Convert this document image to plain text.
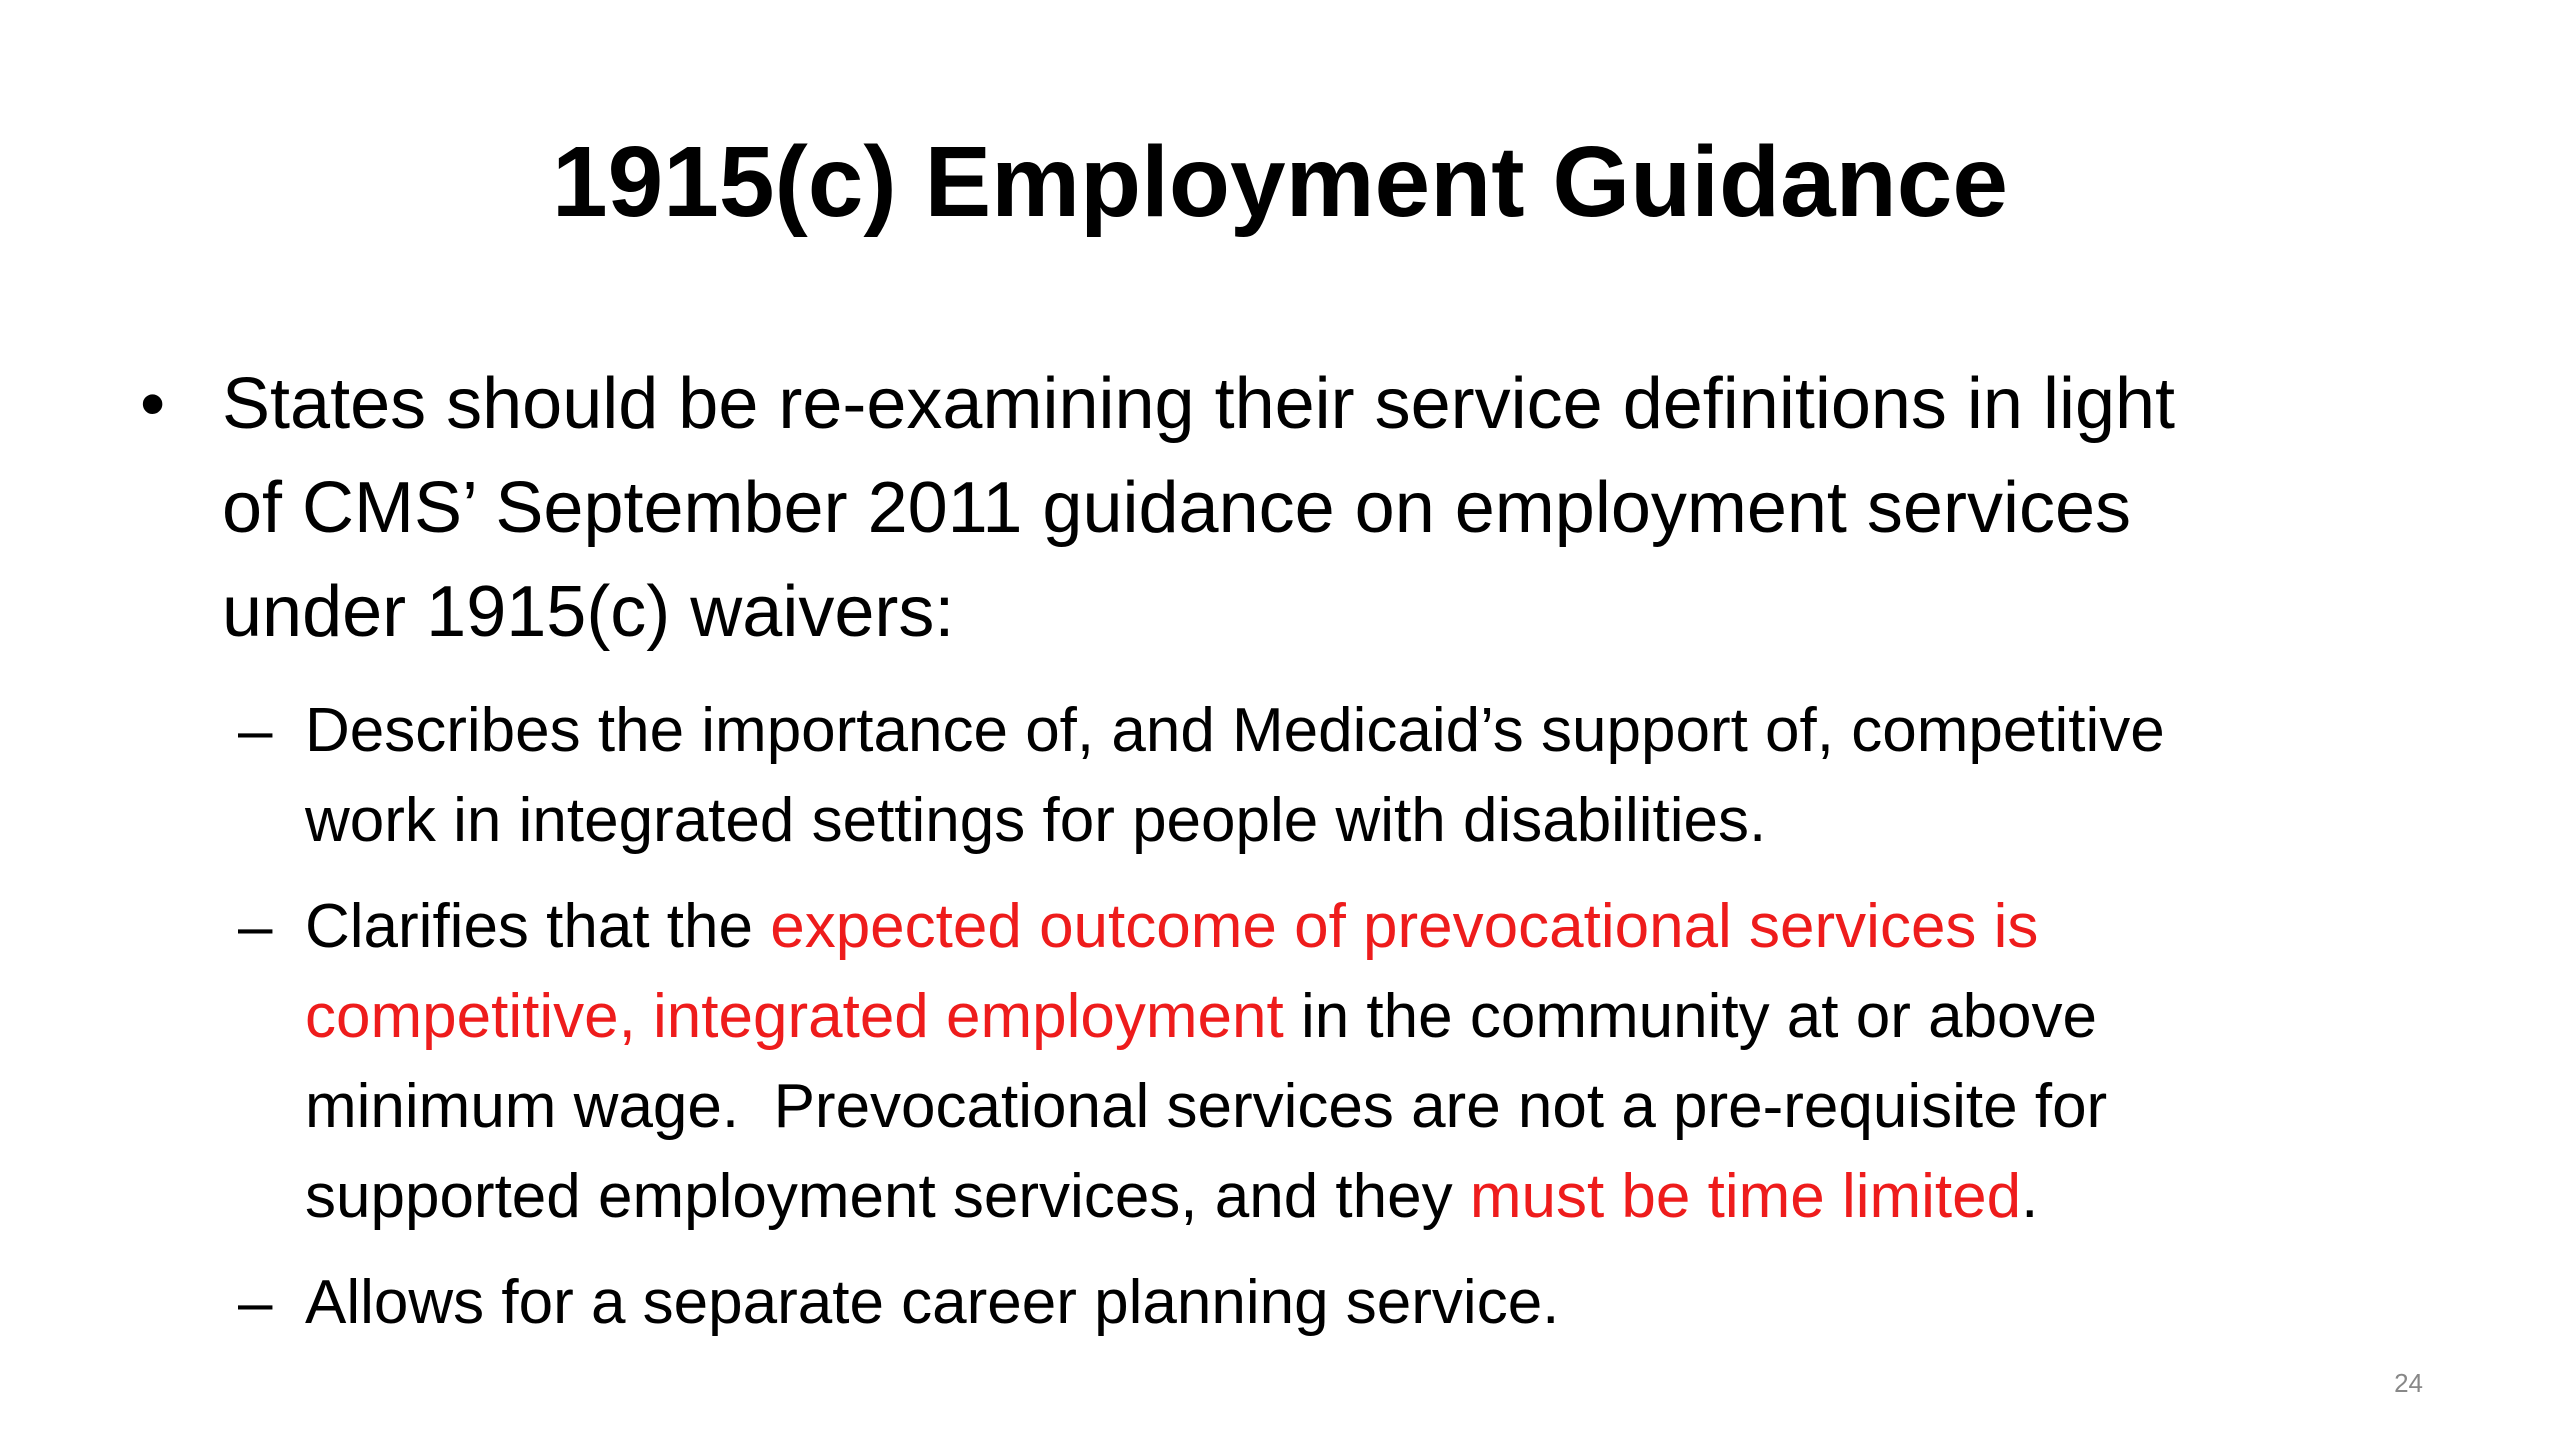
1915(c) Employment Guidance
• States should be re-examining their service definitions in light
of CMS’ September 2011 guidance on employment services
under 1915(c) waivers:
– Describes the importance of, and Medicaid’s support of, competitive
work in integrated settings for people with disabilities.
– Clarifies that the expected outcome of prevocational services is
competitive, integrated employment in the community at or above
minimum wage.  Prevocational services are not a pre-requisite for
supported employment services, and they must be time limited.
– Allows for a separate career planning service.
24
